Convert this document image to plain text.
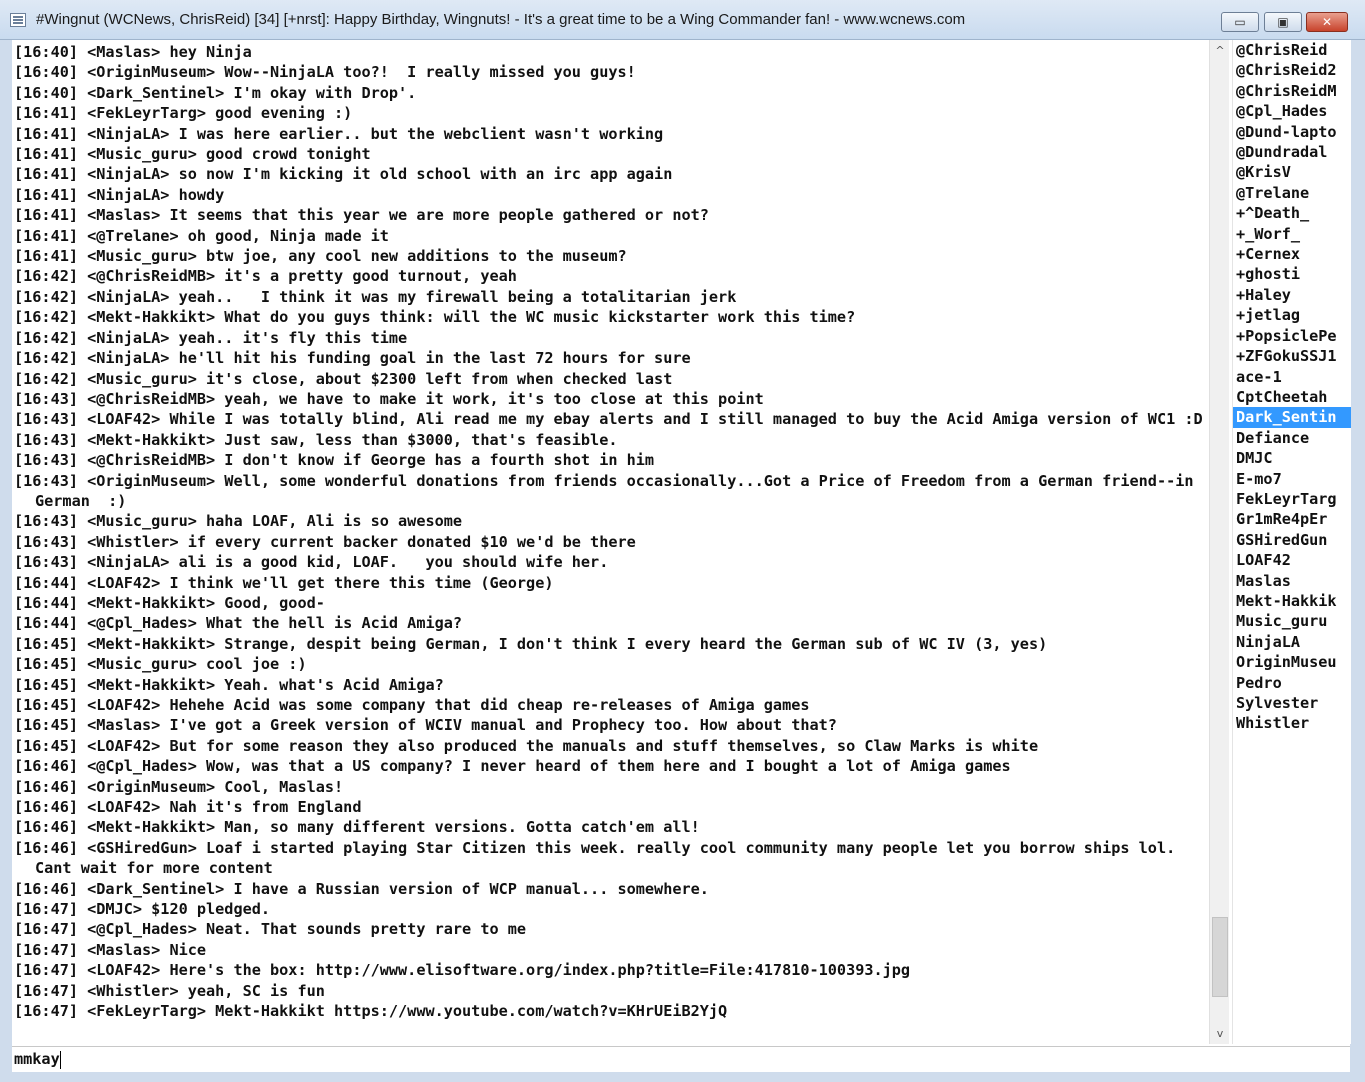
#Wingnut (WCNews, ChrisReid) [34] [+nrst]: Happy Birthday, Wingnuts! - It's a great time to be a Wing Commander fan! - www.wcnews.com	▭	▣	✕
[16:40] <Maslas> hey Ninja
[16:40] <OriginMuseum> Wow--NinjaLA too?!  I really missed you guys!
[16:40] <Dark_Sentinel> I'm okay with Drop'.
[16:41] <FekLeyrTarg> good evening :)
[16:41] <NinjaLA> I was here earlier.. but the webclient wasn't working
[16:41] <Music_guru> good crowd tonight
[16:41] <NinjaLA> so now I'm kicking it old school with an irc app again
[16:41] <NinjaLA> howdy
[16:41] <Maslas> It seems that this year we are more people gathered or not?
[16:41] <@Trelane> oh good, Ninja made it
[16:41] <Music_guru> btw joe, any cool new additions to the museum?
[16:42] <@ChrisReidMB> it's a pretty good turnout, yeah
[16:42] <NinjaLA> yeah..   I think it was my firewall being a totalitarian jerk
[16:42] <Mekt-Hakkikt> What do you guys think: will the WC music kickstarter work this time?
[16:42] <NinjaLA> yeah.. it's fly this time
[16:42] <NinjaLA> he'll hit his funding goal in the last 72 hours for sure
[16:42] <Music_guru> it's close, about $2300 left from when checked last
[16:43] <@ChrisReidMB> yeah, we have to make it work, it's too close at this point
[16:43] <LOAF42> While I was totally blind, Ali read me my ebay alerts and I still managed to buy the Acid Amiga version of WC1 :D
[16:43] <Mekt-Hakkikt> Just saw, less than $3000, that's feasible.
[16:43] <@ChrisReidMB> I don't know if George has a fourth shot in him
[16:43] <OriginMuseum> Well, some wonderful donations from friends occasionally...Got a Price of Freedom from a German friend--in German  :)
[16:43] <Music_guru> haha LOAF, Ali is so awesome
[16:43] <Whistler> if every current backer donated $10 we'd be there
[16:43] <NinjaLA> ali is a good kid, LOAF.   you should wife her.
[16:44] <LOAF42> I think we'll get there this time (George)
[16:44] <Mekt-Hakkikt> Good, good-
[16:44] <@Cpl_Hades> What the hell is Acid Amiga?
[16:45] <Mekt-Hakkikt> Strange, despit being German, I don't think I every heard the German sub of WC IV (3, yes)
[16:45] <Music_guru> cool joe :)
[16:45] <Mekt-Hakkikt> Yeah. what's Acid Amiga?
[16:45] <LOAF42> Hehehe Acid was some company that did cheap re-releases of Amiga games
[16:45] <Maslas> I've got a Greek version of WCIV manual and Prophecy too. How about that?
[16:45] <LOAF42> But for some reason they also produced the manuals and stuff themselves, so Claw Marks is white
[16:46] <@Cpl_Hades> Wow, was that a US company? I never heard of them here and I bought a lot of Amiga games
[16:46] <OriginMuseum> Cool, Maslas!
[16:46] <LOAF42> Nah it's from England
[16:46] <Mekt-Hakkikt> Man, so many different versions. Gotta catch'em all!
[16:46] <GSHiredGun> Loaf i started playing Star Citizen this week. really cool community many people let you borrow ships lol. Cant wait for more content
[16:46] <Dark_Sentinel> I have a Russian version of WCP manual... somewhere.
[16:47] <DMJC> $120 pledged.
[16:47] <@Cpl_Hades> Neat. That sounds pretty rare to me
[16:47] <Maslas> Nice
[16:47] <LOAF42> Here's the box: http://www.elisoftware.org/index.php?title=File:417810-100393.jpg
[16:47] <Whistler> yeah, SC is fun
[16:47] <FekLeyrTarg> Mekt-Hakkikt https://www.youtube.com/watch?v=KHrUEiB2YjQ
^
v
@ChrisReid
@ChrisReid2
@ChrisReidM
@Cpl_Hades
@Dund-lapto
@Dundradal
@KrisV
@Trelane
+^Death_
+_Worf_
+Cernex
+ghosti
+Haley
+jetlag
+PopsiclePe
+ZFGokuSSJ1
ace-1
CptCheetah
Dark_Sentin
Defiance
DMJC
E-mo7
FekLeyrTarg
Gr1mRe4pEr
GSHiredGun
LOAF42
Maslas
Mekt-Hakkik
Music_guru
NinjaLA
OriginMuseu
Pedro
Sylvester
Whistler
mmkay
